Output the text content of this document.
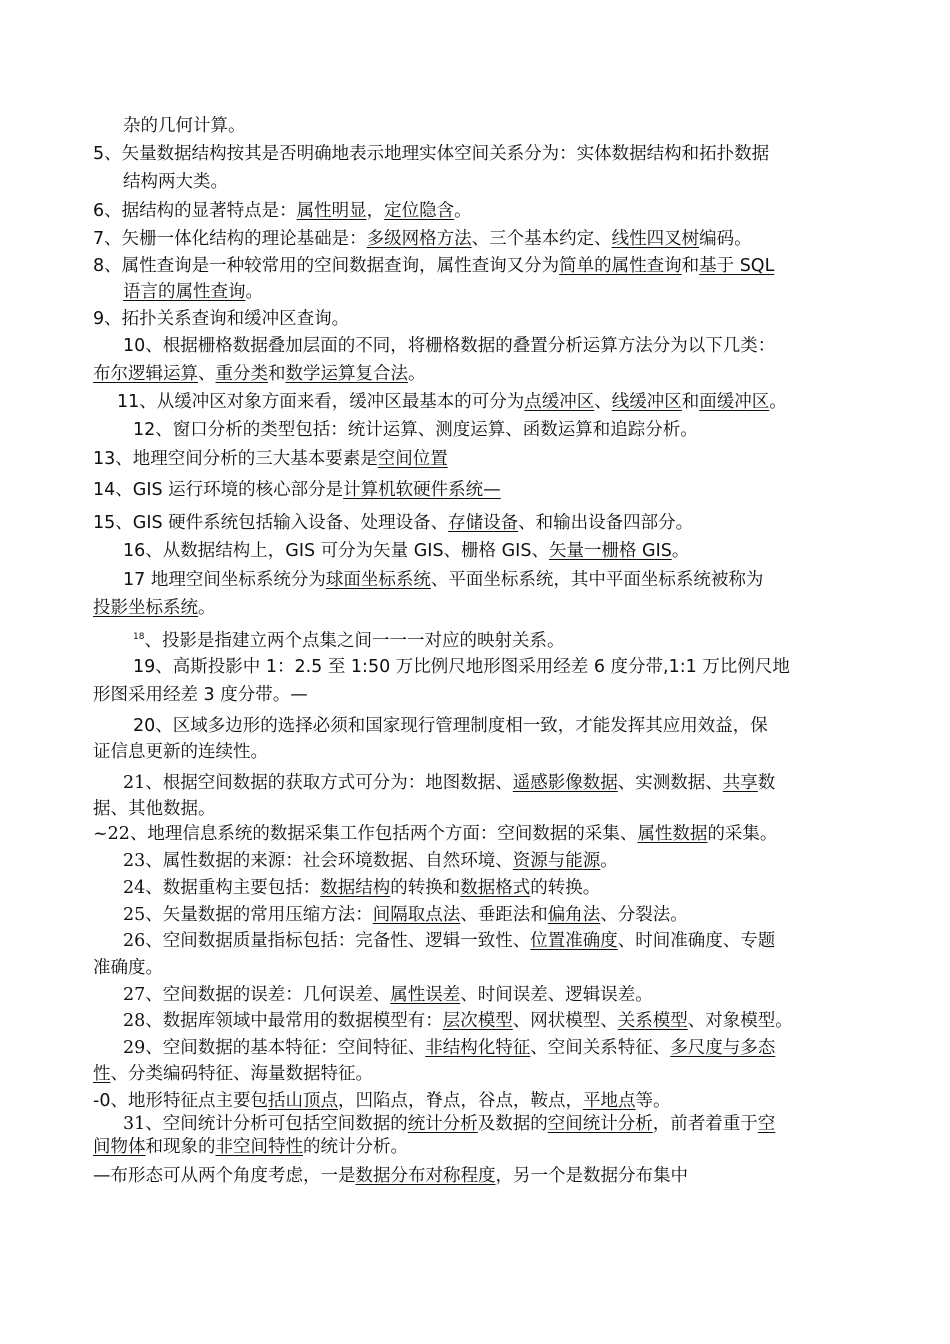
杂的几何计算。
5、矢量数据结构按其是否明确地表示地理实体空间关系分为：实体数据结构和拓扑数据
结构两大类。
6、据结构的显著特点是：属性明显，定位隐含。
7、矢栅一体化结构的理论基础是：多级网格方法、三个基本约定、线性四叉树编码。
8、属性查询是一种较常用的空间数据查询，属性查询又分为简单的属性查询和基于 SQL
语言的属性查询。
9、拓扑关系查询和缓冲区查询。
10、根据栅格数据叠加层面的不同，将栅格数据的叠置分析运算方法分为以下几类：
布尔逻辑运算、重分类和数学运算复合法。
11、从缓冲区对象方面来看，缓冲区最基本的可分为点缓冲区、线缓冲区和面缓冲区。
12、窗口分析的类型包括：统计运算、测度运算、函数运算和追踪分析。
13、地理空间分析的三大基本要素是空间位置
14、GIS 运行环境的核心部分是计算机软硬件系统—
15、GIS 硬件系统包括输入设备、处理设备、存储设备、和输出设备四部分。
16、从数据结构上，GIS 可分为矢量 GIS、栅格 GIS、矢量一栅格 GIS。
17 地理空间坐标系统分为球面坐标系统、平面坐标系统，其中平面坐标系统被称为
投影坐标系统。
$^{18}$、投影是指建立两个点集之间一一一对应的映射关系。
19、高斯投影中 1：2.5 至 1:50 万比例尺地形图采用经差 6 度分带,1:1 万比例尺地
形图采用经差 3 度分带。—
20、区域多边形的选择必须和国家现行管理制度相一致，才能发挥其应用效益，保
证信息更新的连续性。
21、根据空间数据的获取方式可分为：地图数据、遥感影像数据、实测数据、共享数
据、其他数据。
~22、地理信息系统的数据采集工作包括两个方面：空间数据的采集、属性数据的采集。
23、属性数据的来源：社会环境数据、自然环境、资源与能源。
24、数据重构主要包括：数据结构的转换和数据格式的转换。
25、矢量数据的常用压缩方法：间隔取点法、垂距法和偏角法、分裂法。
26、空间数据质量指标包括：完备性、逻辑一致性、位置准确度、时间准确度、专题
准确度。
27、空间数据的误差：几何误差、属性误差、时间误差、逻辑误差。
28、数据库领域中最常用的数据模型有：层次模型、网状模型、关系模型、对象模型。
29、空间数据的基本特征：空间特征、非结构化特征、空间关系特征、多尺度与多态
性、分类编码特征、海量数据特征。
-0、地形特征点主要包括山顶点，凹陷点，脊点，谷点，鞍点，平地点等。
31、空间统计分析可包括空间数据的统计分析及数据的空间统计分析，前者着重于空
间物体和现象的非空间特性的统计分析。
—布形态可从两个角度考虑，一是数据分布对称程度，另一个是数据分布集中
